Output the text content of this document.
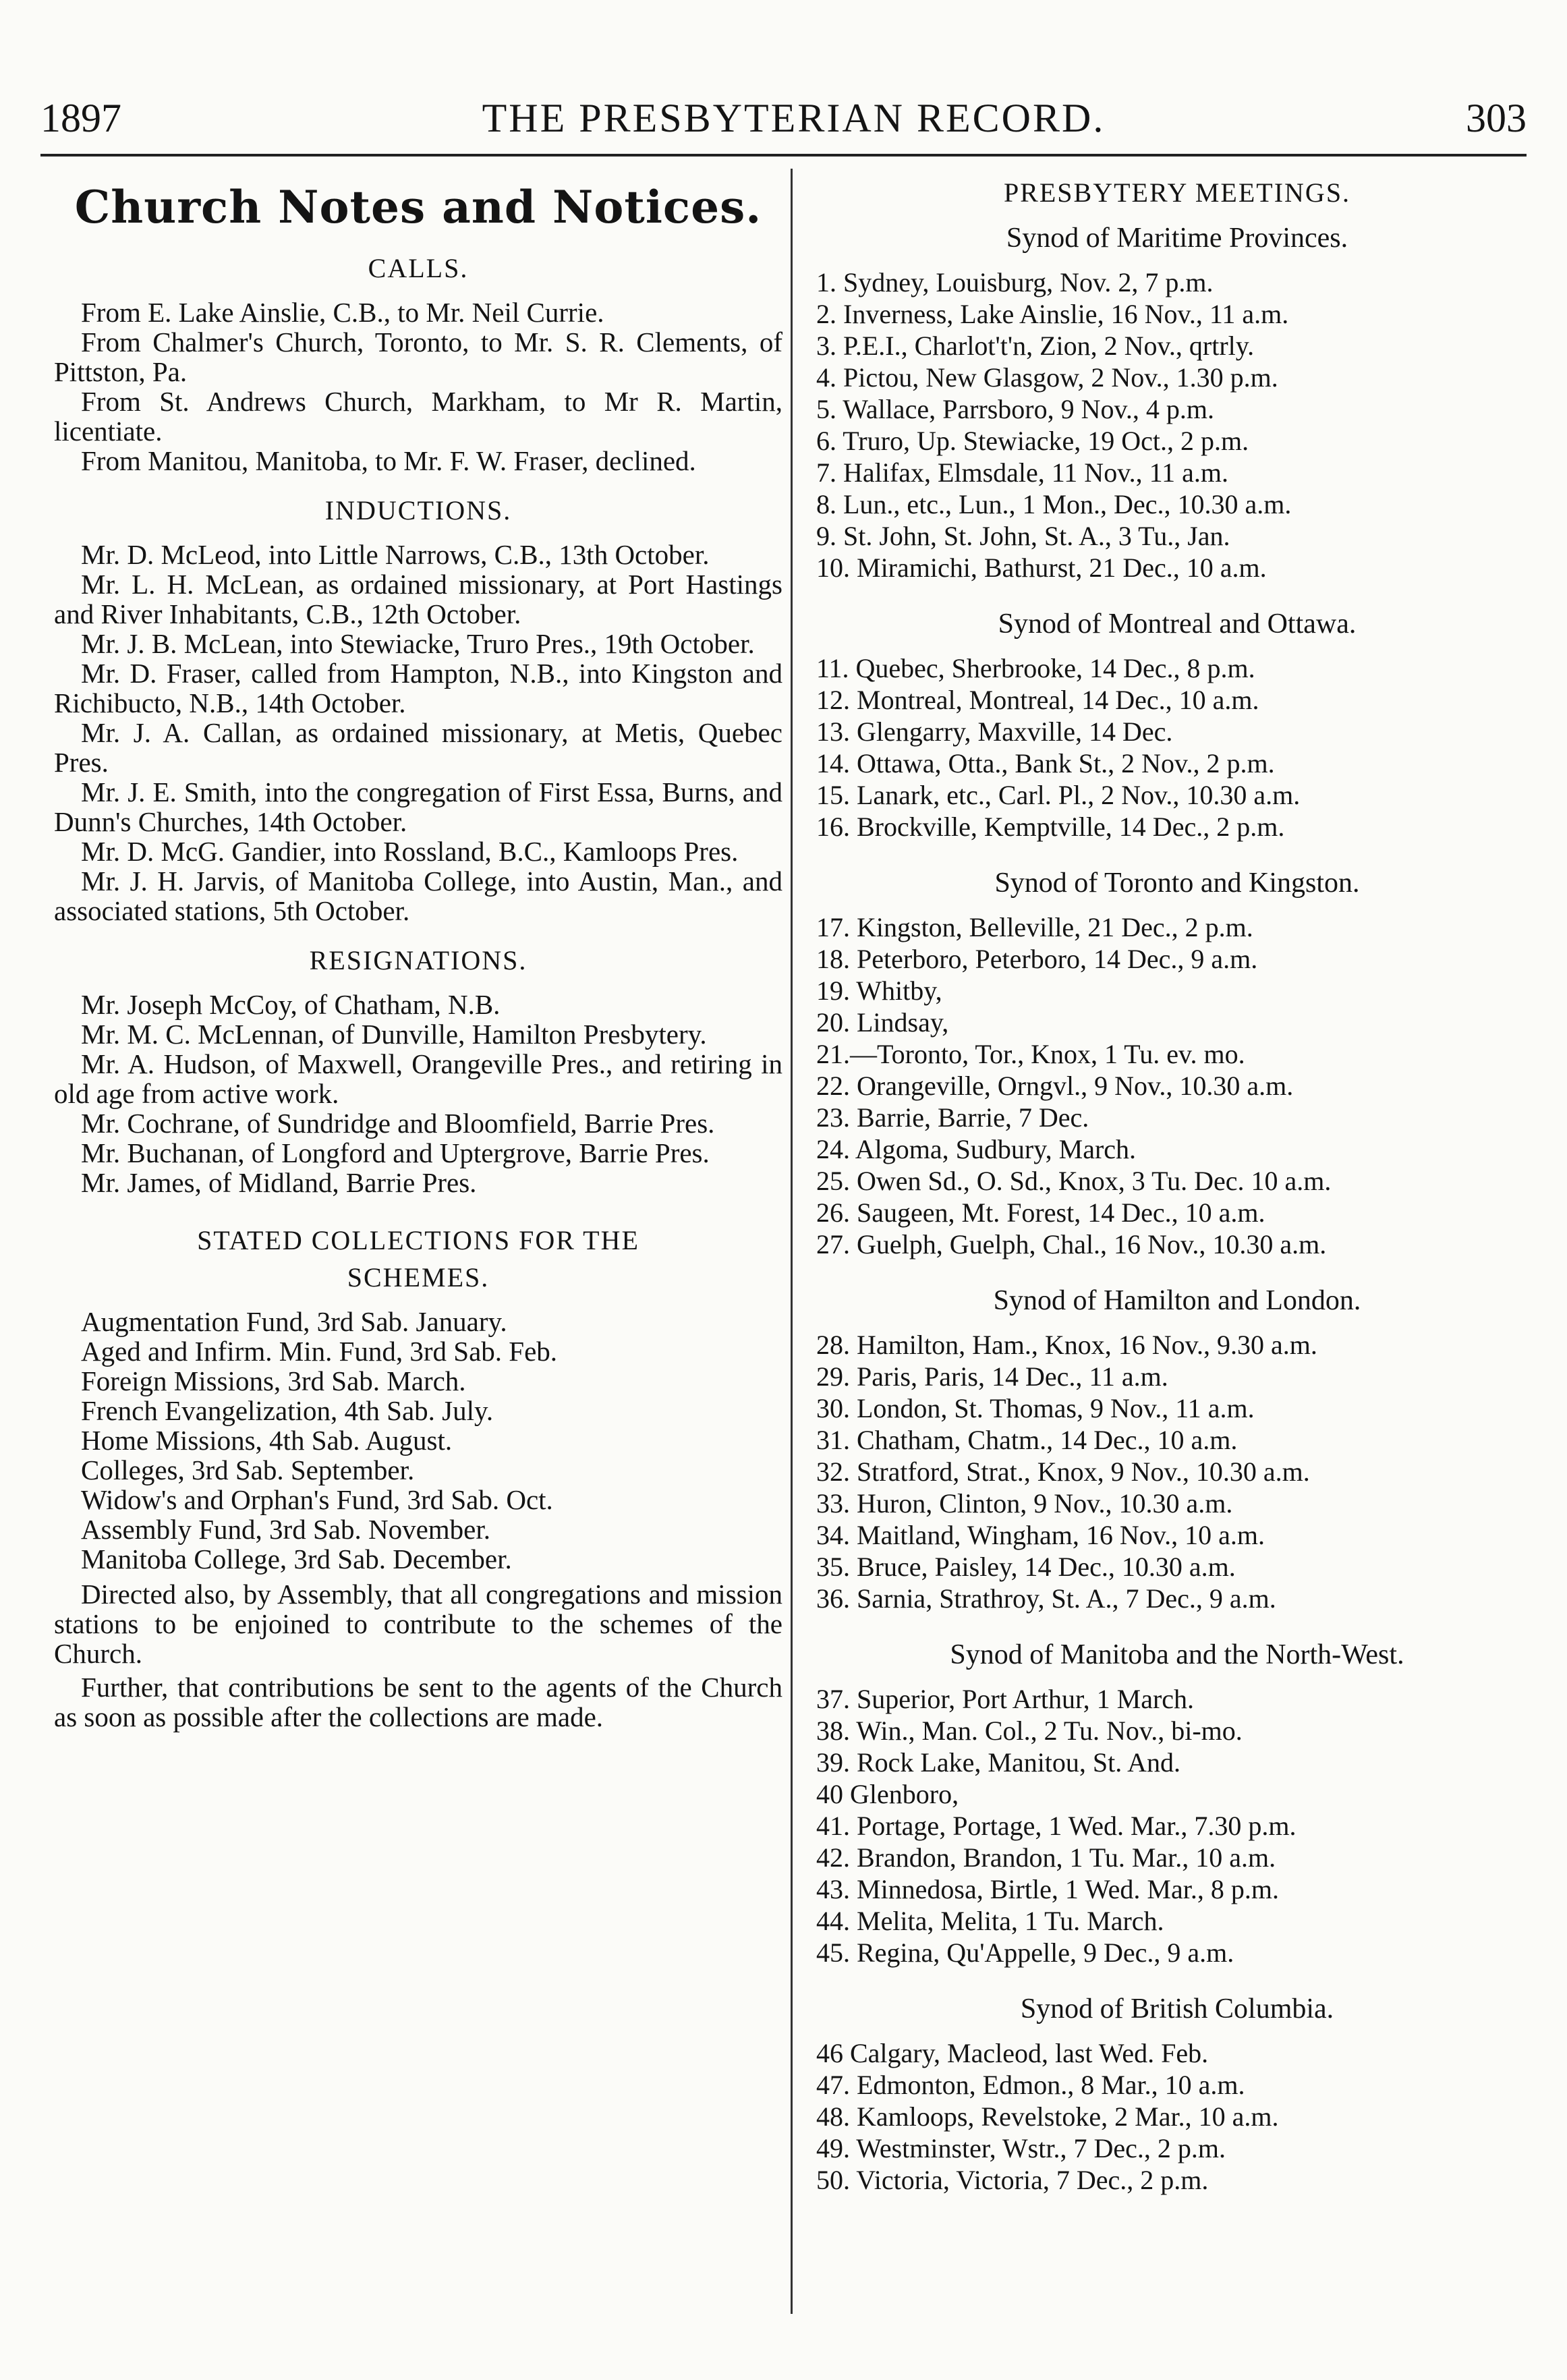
1897	THE PRESBYTERIAN RECORD.	303
Church Notes and Notices.
CALLS.

From E. Lake Ainslie, C.B., to Mr. Neil Currie.

From Chalmer's Church, Toronto, to Mr. S. R. Clements, of Pittston, Pa.

From St. Andrews Church, Markham, to Mr R. Martin, licentiate.

From Manitou, Manitoba, to Mr. F. W. Fraser, declined.

INDUCTIONS.

Mr. D. McLeod, into Little Narrows, C.B., 13th October.

Mr. L. H. McLean, as ordained missionary, at Port Hastings and River Inhabitants, C.B., 12th October.

Mr. J. B. McLean, into Stewiacke, Truro Pres., 19th October.

Mr. D. Fraser, called from Hampton, N.B., into Kingston and Richibucto, N.B., 14th October.

Mr. J. A. Callan, as ordained missionary, at Metis, Quebec Pres.

Mr. J. E. Smith, into the congregation of First Essa, Burns, and Dunn's Churches, 14th October.

Mr. D. McG. Gandier, into Rossland, B.C., Kamloops Pres.

Mr. J. H. Jarvis, of Manitoba College, into Austin, Man., and associated stations, 5th October.

RESIGNATIONS.

Mr. Joseph McCoy, of Chatham, N.B.

Mr. M. C. McLennan, of Dunville, Hamilton Presbytery.

Mr. A. Hudson, of Maxwell, Orangeville Pres., and retiring in old age from active work.

Mr. Cochrane, of Sundridge and Bloomfield, Barrie Pres.

Mr. Buchanan, of Longford and Uptergrove, Barrie Pres.

Mr. James, of Midland, Barrie Pres.

STATED COLLECTIONS FOR THE
SCHEMES.

Augmentation Fund, 3rd Sab. January.

Aged and Infirm. Min. Fund, 3rd Sab. Feb.

Foreign Missions, 3rd Sab. March.

French Evangelization, 4th Sab. July.

Home Missions, 4th Sab. August.

Colleges, 3rd Sab. September.

Widow's and Orphan's Fund, 3rd Sab. Oct.

Assembly Fund, 3rd Sab. November.

Manitoba College, 3rd Sab. December.

Directed also, by Assembly, that all congregations and mission stations to be enjoined to contribute to the schemes of the Church.

Further, that contributions be sent to the agents of the Church as soon as possible after the collections are made.

PRESBYTERY MEETINGS.
Synod of Maritime Provinces.

1. Sydney, Louisburg, Nov. 2, 7 p.m.

2. Inverness, Lake Ainslie, 16 Nov., 11 a.m.

3. P.E.I., Charlot't'n, Zion, 2 Nov., qrtrly.

4. Pictou, New Glasgow, 2 Nov., 1.30 p.m.

5. Wallace, Parrsboro, 9 Nov., 4 p.m.

6. Truro, Up. Stewiacke, 19 Oct., 2 p.m.

7. Halifax, Elmsdale, 11 Nov., 11 a.m.

8. Lun., etc., Lun., 1 Mon., Dec., 10.30 a.m.

9. St. John, St. John, St. A., 3 Tu., Jan.

10. Miramichi, Bathurst, 21 Dec., 10 a.m.

Synod of Montreal and Ottawa.

11. Quebec, Sherbrooke, 14 Dec., 8 p.m.

12. Montreal, Montreal, 14 Dec., 10 a.m.

13. Glengarry, Maxville, 14 Dec.

14. Ottawa, Otta., Bank St., 2 Nov., 2 p.m.

15. Lanark, etc., Carl. Pl., 2 Nov., 10.30 a.m.

16. Brockville, Kemptville, 14 Dec., 2 p.m.

Synod of Toronto and Kingston.

17. Kingston, Belleville, 21 Dec., 2 p.m.

18. Peterboro, Peterboro, 14 Dec., 9 a.m.

19. Whitby,

20. Lindsay,

21.—Toronto, Tor., Knox, 1 Tu. ev. mo.

22. Orangeville, Orngvl., 9 Nov., 10.30 a.m.

23. Barrie, Barrie, 7 Dec.

24. Algoma, Sudbury, March.

25. Owen Sd., O. Sd., Knox, 3 Tu. Dec. 10 a.m.

26. Saugeen, Mt. Forest, 14 Dec., 10 a.m.

27. Guelph, Guelph, Chal., 16 Nov., 10.30 a.m.

Synod of Hamilton and London.

28. Hamilton, Ham., Knox, 16 Nov., 9.30 a.m.

29. Paris, Paris, 14 Dec., 11 a.m.

30. London, St. Thomas, 9 Nov., 11 a.m.

31. Chatham, Chatm., 14 Dec., 10 a.m.

32. Stratford, Strat., Knox, 9 Nov., 10.30 a.m.

33. Huron, Clinton, 9 Nov., 10.30 a.m.

34. Maitland, Wingham, 16 Nov., 10 a.m.

35. Bruce, Paisley, 14 Dec., 10.30 a.m.

36. Sarnia, Strathroy, St. A., 7 Dec., 9 a.m.

Synod of Manitoba and the North-West.

37. Superior, Port Arthur, 1 March.

38. Win., Man. Col., 2 Tu. Nov., bi-mo.

39. Rock Lake, Manitou, St. And.

40 Glenboro,

41. Portage, Portage, 1 Wed. Mar., 7.30 p.m.

42. Brandon, Brandon, 1 Tu. Mar., 10 a.m.

43. Minnedosa, Birtle, 1 Wed. Mar., 8 p.m.

44. Melita, Melita, 1 Tu. March.

45. Regina, Qu'Appelle, 9 Dec., 9 a.m.

Synod of British Columbia.

46 Calgary, Macleod, last Wed. Feb.

47. Edmonton, Edmon., 8 Mar., 10 a.m.

48. Kamloops, Revelstoke, 2 Mar., 10 a.m.

49. Westminster, Wstr., 7 Dec., 2 p.m.

50. Victoria, Victoria, 7 Dec., 2 p.m.
